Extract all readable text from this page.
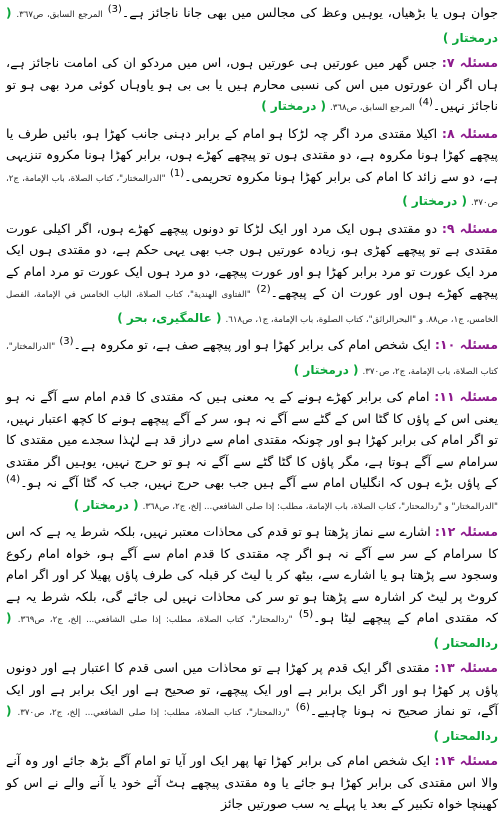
جوان ہوں یا بڑھیاں، یوہیں وعظ کی مجالس میں بھی جانا ناجائز ہے۔$^{(3)}$ المرجع السابق، ص۳٦٧. ( درمختار )

مسئلہ ۷: جس گھر میں عورتیں ہی عورتیں ہوں، اس میں مردکو ان کی امامت ناجائز ہے، ہاں اگر ان عورتوں میں اس کی نسبی محارم ہیں یا بی بی ہو یاوہاں کوئی مرد بھی ہو تو ناجائز نہیں۔$^{(4)}$ المرجع السابق، ص۳٦٨. ( درمختار )

مسئلہ ۸: اکیلا مقتدی مرد اگر چہ لڑکا ہو امام کے برابر دہنی جانب کھڑا ہو، بائیں طرف یا پیچھے کھڑا ہونا مکروہ ہے، دو مقتدی ہوں تو پیچھے کھڑے ہوں، برابر کھڑا ہونا مکروہ تنزیہی ہے، دو سے زائد کا امام کی برابر کھڑا ہونا مکروہ تحریمی۔$^{(1)}$ "الدرالمختار"، كتاب الصلاة، باب الإمامة، ج٢، ص٣٧٠. ( درمختار )

مسئلہ ۹: دو مقتدی ہوں ایک مرد اور ایک لڑکا تو دونوں پیچھے کھڑے ہوں، اگر اکیلی عورت مقتدی ہے تو پیچھے کھڑی ہو، زیادہ عورتیں ہوں جب بھی یہی حکم ہے، دو مقتدی ہوں ایک مرد ایک عورت تو مرد برابر کھڑا ہو اور عورت پیچھے، دو مرد ہوں ایک عورت تو مرد امام کے پیچھے کھڑے ہوں اور عورت ان کے پیچھے۔$^{(2)}$ "الفتاوى الهندية"، كتاب الصلاة، الباب الخامس في الإمامة، الفصل الخامس، ج١، ص٨٨. و "البحرالرائق"، كتاب الصلوة، باب الإمامة، ج١، ص٦١٨. ( عالمگیری، بحر )

مسئلہ ۱۰: ایک شخص امام کی برابر کھڑا ہو اور پیچھے صف ہے، تو مکروہ ہے۔$^{(3)}$ "الدرالمختار"، كتاب الصلاة، باب الإمامة، ج٢، ص٣٧٠. ( درمختار )

مسئلہ ۱۱: امام کی برابر کھڑے ہونے کے یہ معنی ہیں کہ مقتدی کا قدم امام سے آگے نہ ہو یعنی اس کے پاؤں کا گٹا اس کے گٹے سے آگے نہ ہو، سر کے آگے پیچھے ہونے کا کچھ اعتبار نہیں، تو اگر امام کی برابر کھڑا ہو اور چونکہ مقتدی امام سے دراز قد ہے لہٰذا سجدے میں مقتدی کا سرامام سے آگے ہوتا ہے، مگر پاؤں کا گٹا گٹے سے آگے نہ ہو تو حرج نہیں، یوہیں اگر مقتدی کے پاؤں بڑے ہوں کہ انگلیاں امام سے آگے ہیں جب بھی حرج نہیں، جب کہ گٹا آگے نہ ہو۔$^{(4)}$ "الدرالمختار" و "ردالمحتار"، كتاب الصلاة، باب الإمامة، مطلب: إذا صلى الشافعي... إلخ، ج٢، ص٣٦٨. ( درمختار )

مسئلہ ۱۲: اشارے سے نماز پڑھتا ہو تو قدم کی محاذات معتبر نہیں، بلکہ شرط یہ ہے کہ اس کا سرامام کے سر سے آگے نہ ہو اگر چہ مقتدی کا قدم امام سے آگے ہو، خواہ امام رکوع وسجود سے پڑھتا ہو یا اشارے سے، بیٹھ کر یا لیٹ کر قبلہ کی طرف پاؤں پھیلا کر اور اگر امام کروٹ پر لیٹ کر اشارہ سے پڑھتا ہو تو سر کی محاذات نہیں لی جائے گی، بلکہ شرط یہ ہے کہ مقتدی امام کے پیچھے لیٹا ہو۔$^{(5)}$ "ردالمحتار"، كتاب الصلاة، مطلب: إذا صلى الشافعي... إلخ، ج٢، ص٣٦٩. ( ردالمحتار )

مسئلہ ۱۳: مقتدی اگر ایک قدم پر کھڑا ہے تو محاذات میں اسی قدم کا اعتبار ہے اور دونوں پاؤں پر کھڑا ہو اور اگر ایک برابر ہے اور ایک پیچھے، تو صحیح ہے اور ایک برابر ہے اور ایک آگے، تو نماز صحیح نہ ہونا چاہیے۔$^{(6)}$ "ردالمحتار"، كتاب الصلاة، مطلب: إذا صلى الشافعي... إلخ، ج٢، ص٣٧٠. ( ردالمحتار )

مسئلہ ۱۴: ایک شخص امام کی برابر کھڑا تھا پھر ایک اور آیا تو امام آگے بڑھ جائے اور وہ آنے والا اس مقتدی کی برابر کھڑا ہو جائے یا وہ مقتدی پیچھے ہٹ آئے خود یا آنے والے نے اس کو کھینچا خواہ تکبیر کے بعد یا پہلے یہ سب صورتیں جائز
